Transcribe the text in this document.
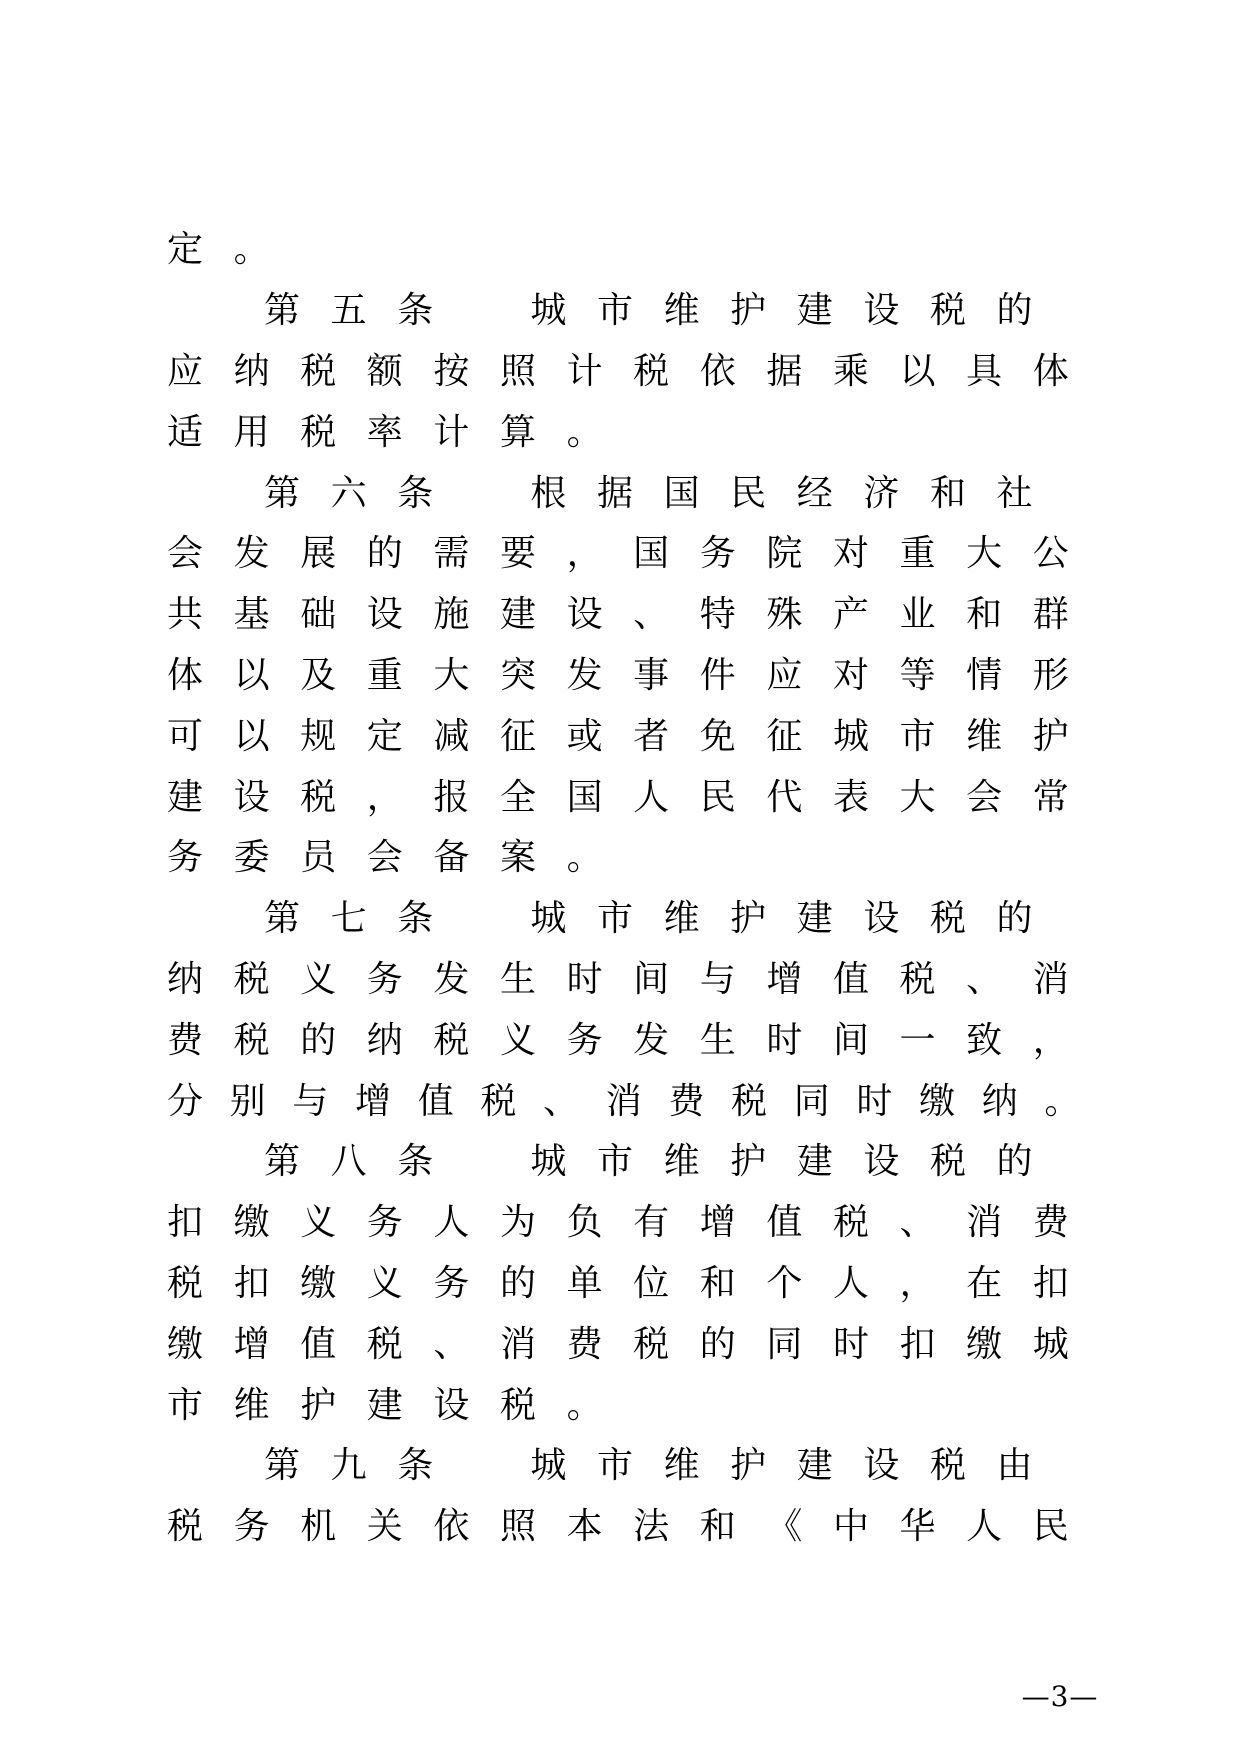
定 。
第 五 条	城 市 维 护 建 设 税 的
应 纳 税 额 按 照 计 税 依 据 乘 以 具 体
适 用 税 率 计 算 。
第 六 条	根 据 国 民 经 济 和 社
会 发 展 的 需 要 ， 国 务 院 对 重 大 公
共 基 础 设 施 建 设 、 特 殊 产 业 和 群
体 以 及 重 大 突 发 事 件 应 对 等 情 形
可 以 规 定 减 征 或 者 免 征 城 市 维 护
建 设 税 ， 报 全 国 人 民 代 表 大 会 常
务 委 员 会 备 案 。
第 七 条	城 市 维 护 建 设 税 的
纳 税 义 务 发 生 时 间 与 增 值 税 、 消
费 税 的 纳 税 义 务 发 生 时 间 一 致 ，
分 别 与 增 值 税 、 消 费 税 同 时 缴 纳 。
第 八 条	城 市 维 护 建 设 税 的
扣 缴 义 务 人 为 负 有 增 值 税 、 消 费
税 扣 缴 义 务 的 单 位 和 个 人 ， 在 扣
缴 增 值 税 、 消 费 税 的 同 时 扣 缴 城
市 维 护 建 设 税 。
第 九 条	城 市 维 护 建 设 税 由
税 务 机 关 依 照 本 法 和 《 中 华 人 民
—3—
